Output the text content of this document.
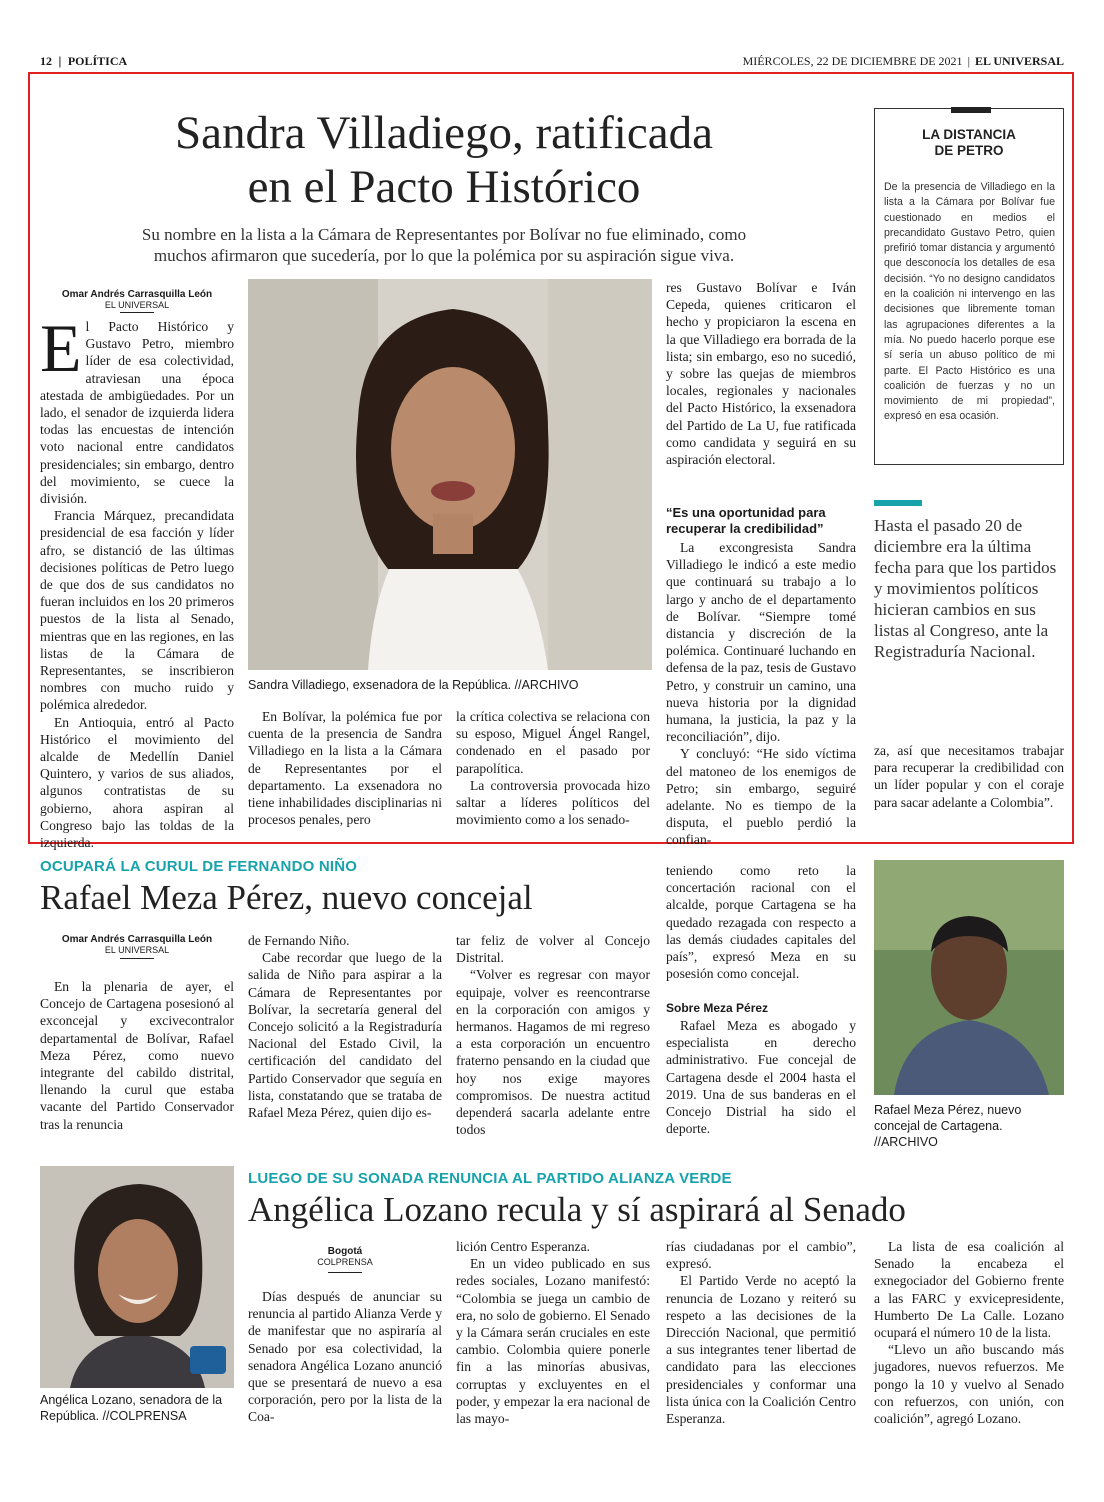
12 | POLÍTICA	MIÉRCOLES, 22 DE DICIEMBRE DE 2021 | EL UNIVERSAL
Sandra Villadiego, ratificada
en el Pacto Histórico
Su nombre en la lista a la Cámara de Representantes por Bolívar no fue eliminado, como
muchos afirmaron que sucedería, por lo que la polémica por su aspiración sigue viva.
LA DISTANCIA
DE PETRO
De la presencia de Villadiego en la lista a la Cámara por Bolívar fue cuestionado en medios el precandidato Gustavo Petro, quien prefirió tomar distancia y argumentó que desconocía los detalles de esa decisión. “Yo no designo candidatos en la coalición ni intervengo en las decisiones que libremente toman las agrupaciones diferentes a la mía. No puedo hacerlo porque ese sí sería un abuso político de mi parte. El Pacto Histórico es una coalición de fuerzas y no un movimiento de mi propiedad”, expresó en esa ocasión.
Hasta el pasado 20 de diciembre era la última fecha para que los partidos y movimientos políticos hicieran cambios en sus listas al Congreso, ante la Registraduría Nacional.
Omar Andrés Carrasquilla León
EL UNIVERSAL
E l Pacto Histórico y Gustavo Petro, miembro líder de esa colectividad, atraviesan una época atestada de ambigüedades. Por un lado, el senador de izquierda lidera todas las encuestas de intención voto nacional entre candidatos presidenciales; sin embargo, dentro del movimiento, se cuece la división.

Francia Márquez, precandidata presidencial de esa facción y líder afro, se distanció de las últimas decisiones políticas de Petro luego de que dos de sus candidatos no fueran incluidos en los 20 primeros puestos de la lista al Senado, mientras que en las regiones, en las listas de la Cámara de Representantes, se inscribieron nombres con mucho ruido y polémica alrededor.

En Antioquia, entró al Pacto Histórico el movimiento del alcalde de Medellín Daniel Quintero, y varios de sus aliados, algunos contratistas de su gobierno, ahora aspiran al Congreso bajo las toldas de la izquierda.

Sandra Villadiego, exsenadora de la República. //ARCHIVO

En Bolívar, la polémica fue por cuenta de la presencia de Sandra Villadiego en la lista a la Cámara de Representantes por el departamento. La exsenadora no tiene inhabilidades disciplinarias ni procesos penales, pero

la crítica colectiva se relaciona con su esposo, Miguel Ángel Rangel, condenado en el pasado por parapolítica.

La controversia provocada hizo saltar a líderes políticos del movimiento como a los senado-

res Gustavo Bolívar e Iván Cepeda, quienes criticaron el hecho y propiciaron la escena en la que Villadiego era borrada de la lista; sin embargo, eso no sucedió, y sobre las quejas de miembros locales, regionales y nacionales del Pacto Histórico, la exsenadora del Partido de La U, fue ratificada como candidata y seguirá en su aspiración electoral.

“Es una oportunidad para recuperar la credibilidad”

La excongresista Sandra Villadiego le indicó a este medio que continuará su trabajo a lo largo y ancho de el departamento de Bolívar. “Siempre tomé distancia y discreción de la polémica. Continuaré luchando en defensa de la paz, tesis de Gustavo Petro, y construir un camino, una nueva historia por la dignidad humana, la justicia, la paz y la reconciliación”, dijo.

Y concluyó: “He sido víctima del matoneo de los enemigos de Petro; sin embargo, seguiré adelante. No es tiempo de la disputa, el pueblo perdió la confian-

za, así que necesitamos trabajar para recuperar la credibilidad con un líder popular y con el coraje para sacar adelante a Colombia”.

OCUPARÁ LA CURUL DE FERNANDO NIÑO
Rafael Meza Pérez, nuevo concejal
Omar Andrés Carrasquilla León
EL UNIVERSAL

En la plenaria de ayer, el Concejo de Cartagena posesionó al exconcejal y excivecontralor departamental de Bolívar, Rafael Meza Pérez, como nuevo integrante del cabildo distrital, llenando la curul que estaba vacante del Partido Conservador tras la renuncia

de Fernando Niño.

Cabe recordar que luego de la salida de Niño para aspirar a la Cámara de Representantes por Bolívar, la secretaría general del Concejo solicitó a la Registraduría Nacional del Estado Civil, la certificación del candidato del Partido Conservador que seguía en lista, constatando que se trataba de Rafael Meza Pérez, quien dijo es-

tar feliz de volver al Concejo Distrital.

“Volver es regresar con mayor equipaje, volver es reencontrarse en la corporación con amigos y hermanos. Hagamos de mi regreso a esta corporación un encuentro fraterno pensando en la ciudad que hoy nos exige mayores compromisos. De nuestra actitud dependerá sacarla adelante entre todos

teniendo como reto la concertación racional con el alcalde, porque Cartagena se ha quedado rezagada con respecto a las demás ciudades capitales del país”, expresó Meza en su posesión como concejal.

Sobre Meza Pérez

Rafael Meza es abogado y especialista en derecho administrativo. Fue concejal de Cartagena desde el 2004 hasta el 2019. Una de sus banderas en el Concejo Distrial ha sido el deporte.

Rafael Meza Pérez, nuevo concejal de Cartagena. //ARCHIVO
Angélica Lozano, senadora de la República. //COLPRENSA
LUEGO DE SU SONADA RENUNCIA AL PARTIDO ALIANZA VERDE
Angélica Lozano recula y sí aspirará al Senado
Bogotá
COLPRENSA

Días después de anunciar su renuncia al partido Alianza Verde y de manifestar que no aspiraría al Senado por esa colectividad, la senadora Angélica Lozano anunció que se presentará de nuevo a esa corporación, pero por la lista de la Coa-

lición Centro Esperanza.

En un video publicado en sus redes sociales, Lozano manifestó: “Colombia se juega un cambio de era, no solo de gobierno. El Senado y la Cámara serán cruciales en este cambio. Colombia quiere ponerle fin a las minorías abusivas, corruptas y excluyentes en el poder, y empezar la era nacional de las mayo-

rías ciudadanas por el cambio”, expresó.

El Partido Verde no aceptó la renuncia de Lozano y reiteró su respeto a las decisiones de la Dirección Nacional, que permitió a sus integrantes tener libertad de candidato para las elecciones presidenciales y conformar una lista única con la Coalición Centro Esperanza.

La lista de esa coalición al Senado la encabeza el exnegociador del Gobierno frente a las FARC y exvicepresidente, Humberto De La Calle. Lozano ocupará el número 10 de la lista.

“Llevo un año buscando más jugadores, nuevos refuerzos. Me pongo la 10 y vuelvo al Senado con refuerzos, con unión, con coalición”, agregó Lozano.
